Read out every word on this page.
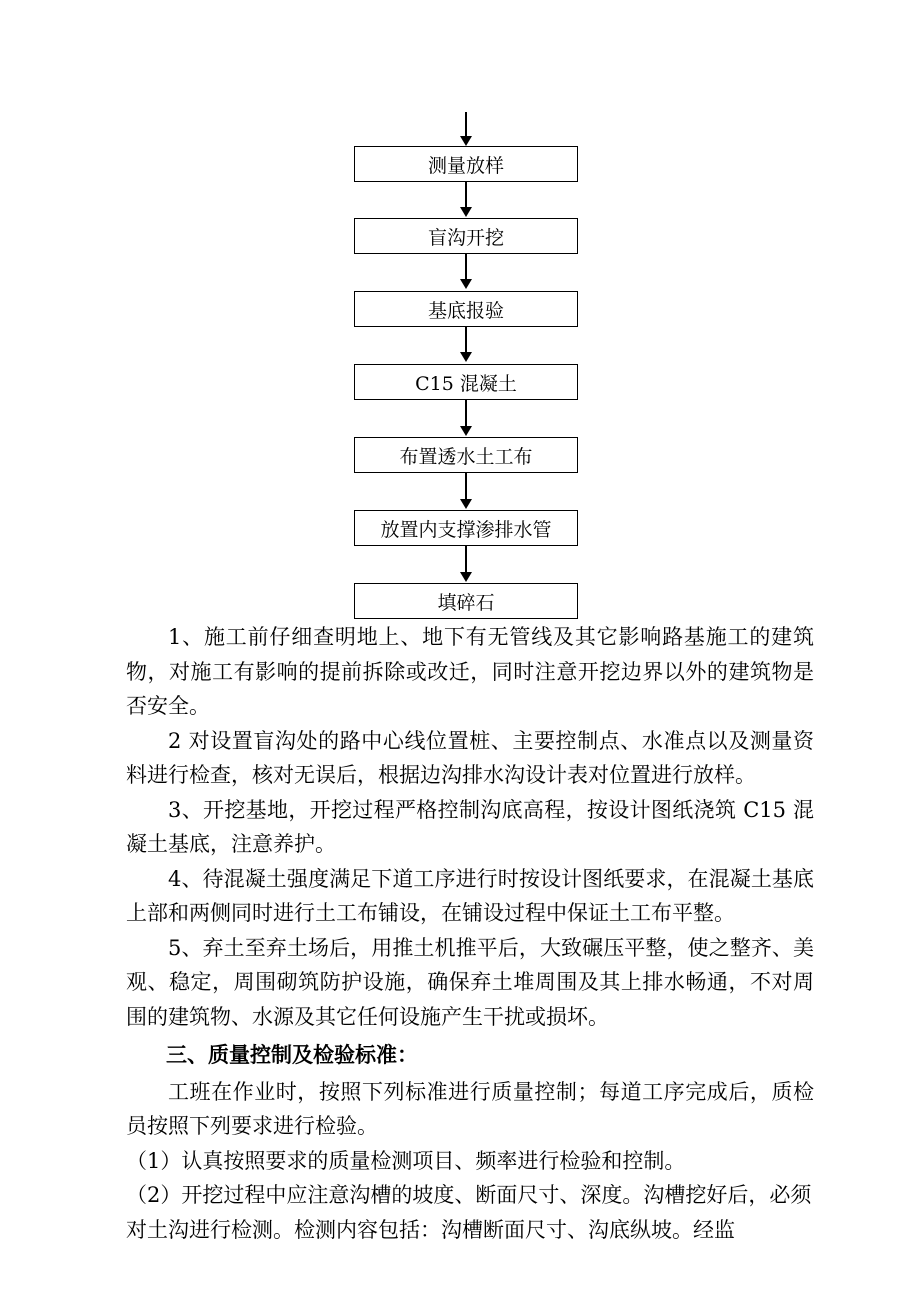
测量放样
盲沟开挖
基底报验
C15 混凝土
布置透水土工布
放置内支撑渗排水管
填碎石

1、施工前仔细查明地上、地下有无管线及其它影响路基施工的建筑物，对施工有影响的提前拆除或改迁，同时注意开挖边界以外的建筑物是否安全。

2 对设置盲沟处的路中心线位置桩、主要控制点、水准点以及测量资料进行检查，核对无误后，根据边沟排水沟设计表对位置进行放样。

3、开挖基地，开挖过程严格控制沟底高程，按设计图纸浇筑 C15 混凝土基底，注意养护。

4、待混凝土强度满足下道工序进行时按设计图纸要求，在混凝土基底上部和两侧同时进行土工布铺设，在铺设过程中保证土工布平整。

5、弃土至弃土场后，用推土机推平后，大致碾压平整，使之整齐、美观、稳定，周围砌筑防护设施，确保弃土堆周围及其上排水畅通，不对周围的建筑物、水源及其它任何设施产生干扰或损坏。

三、质量控制及检验标准：

工班在作业时，按照下列标准进行质量控制；每道工序完成后，质检员按照下列要求进行检验。

（1）认真按照要求的质量检测项目、频率进行检验和控制。

（2）开挖过程中应注意沟槽的坡度、断面尺寸、深度。沟槽挖好后，必须对土沟进行检测。检测内容包括：沟槽断面尺寸、沟底纵坡。经监
